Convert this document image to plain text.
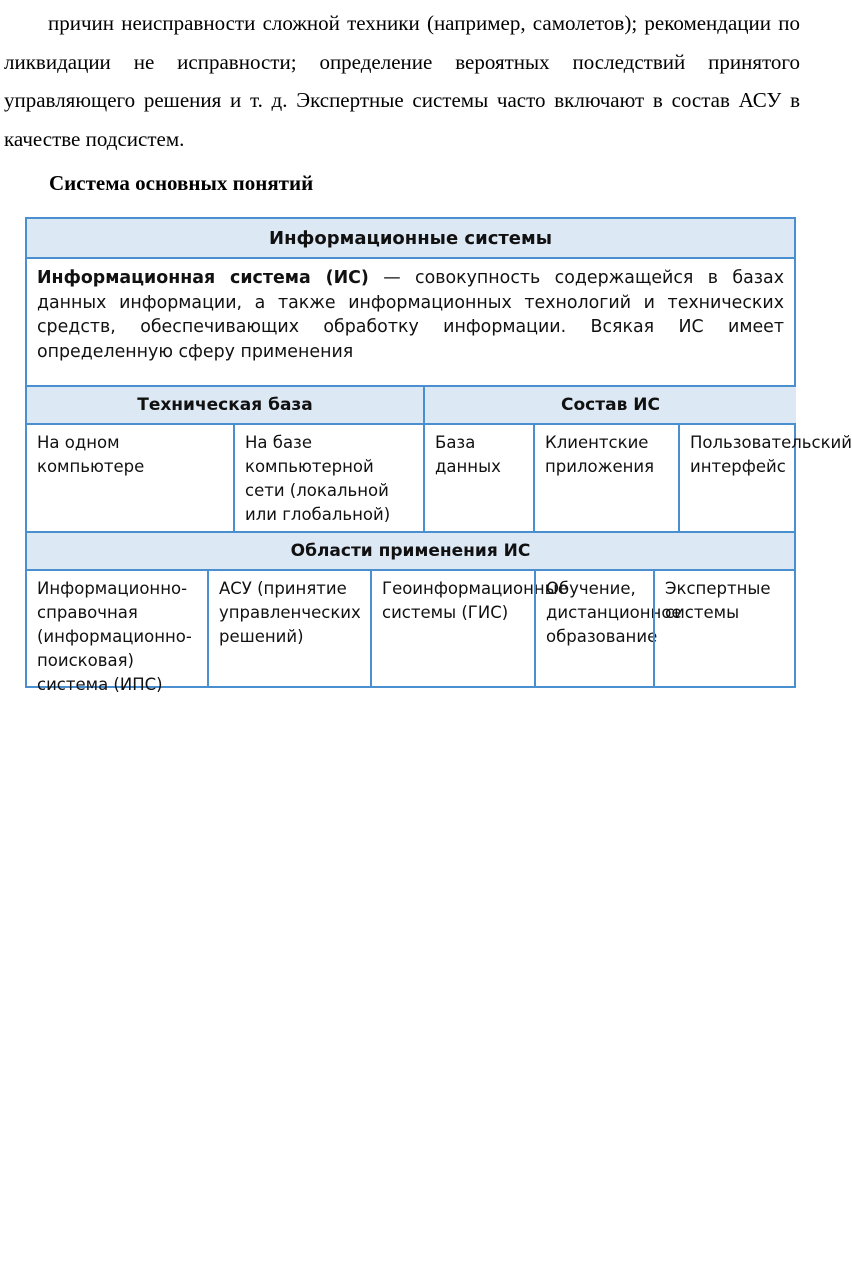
причин неисправности сложной техники (например, самолетов); рекомендации по ликвидации не исправности; определение вероятных последствий принятого управляющего решения и т. д. Экспертные системы часто включают в состав АСУ в качестве подсистем.

Система основных понятий
Информационные системы
Информационная система (ИС) — совокупность содержащейся в базах данных информации, а также информационных технологий и технических средств, обеспечивающих обработку информации. Всякая ИС имеет определенную сферу применения
Техническая база	Состав ИС
На одном компьютере
На базе компьютерной сети (локальной или глобальной)
База данных
Клиентские приложения
Пользовательский интерфейс
Области применения ИС
Информационно-справочная (информационно-поисковая) система (ИПС)
АСУ (принятие управленческих решений)
Геоинформационные системы (ГИС)
Обучение, дистанционное образование
Экспертные системы
